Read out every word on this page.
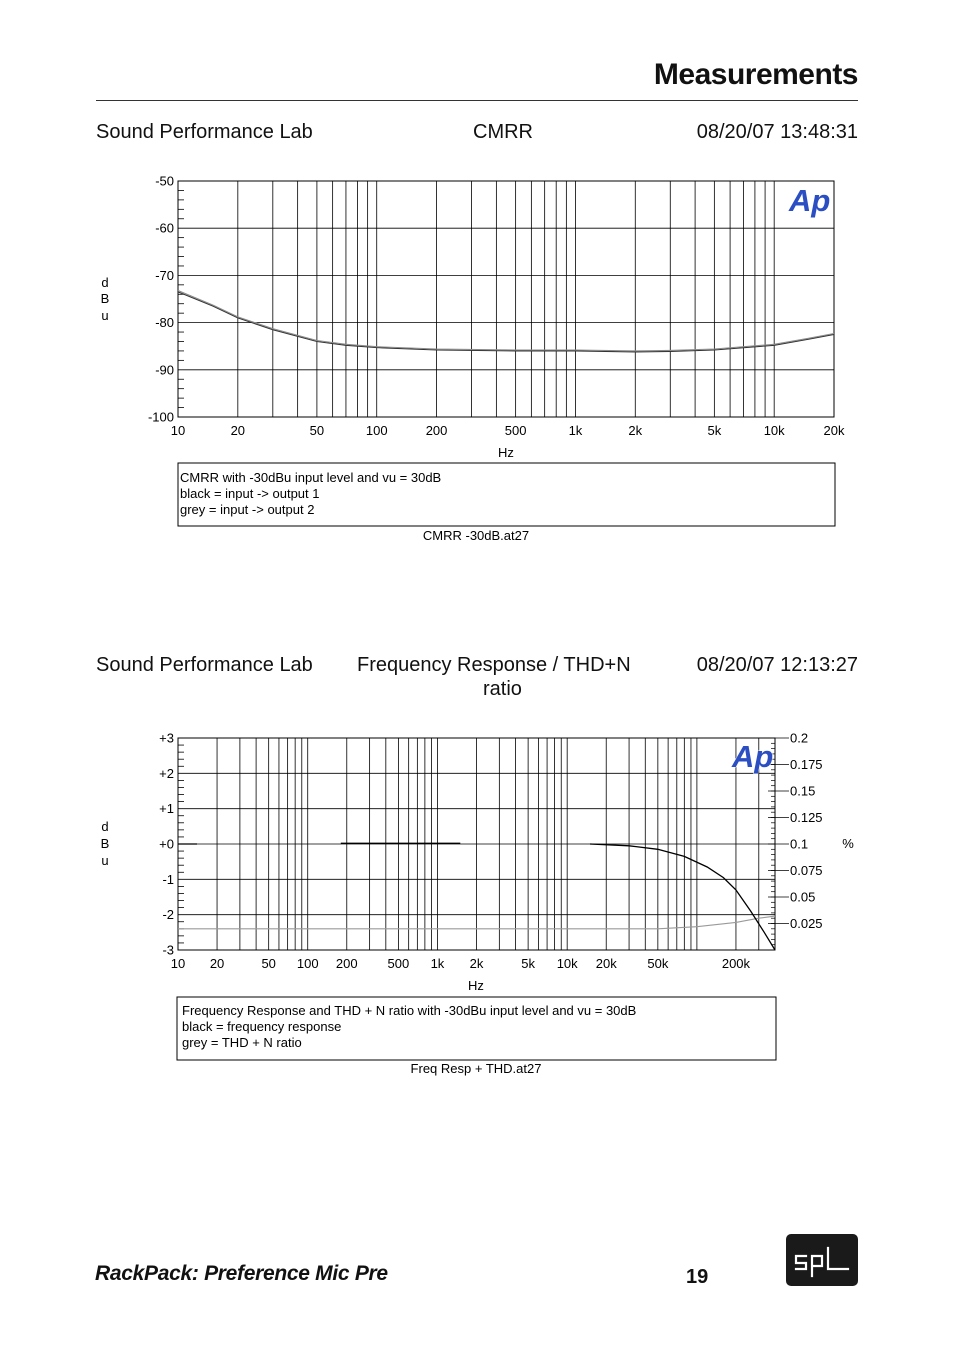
Measurements
Sound Performance Lab	CMRR	08/20/07 13:48:31
Sound Performance Lab Frequency Response / THD+N
ratio
08/20/07 12:13:27
-50
-60
-70
-80
-90
-100
10	20	50	100	200	500	1k	2k	5k	10k	20k
d
B
u
Hz
Ap
CMRR with -30dBu input level and vu = 30dB
black = input -> output 1
grey = input -> output 2
CMRR -30dB.at27
+3
+2
+1
+0
-1
-2
-3
0.2
0.175
0.15
0.125
0.1
0.075
0.05
0.025
10 20	50 100 200 500 1k 2k	5k 10k 20k 50k	200k
d
B
u
%
Hz
Ap
Frequency Response and THD + N ratio with -30dBu input level and vu = 30dB
black = frequency response
grey = THD + N ratio
Freq Resp + THD.at27
RackPack: Preference Mic Pre	19
